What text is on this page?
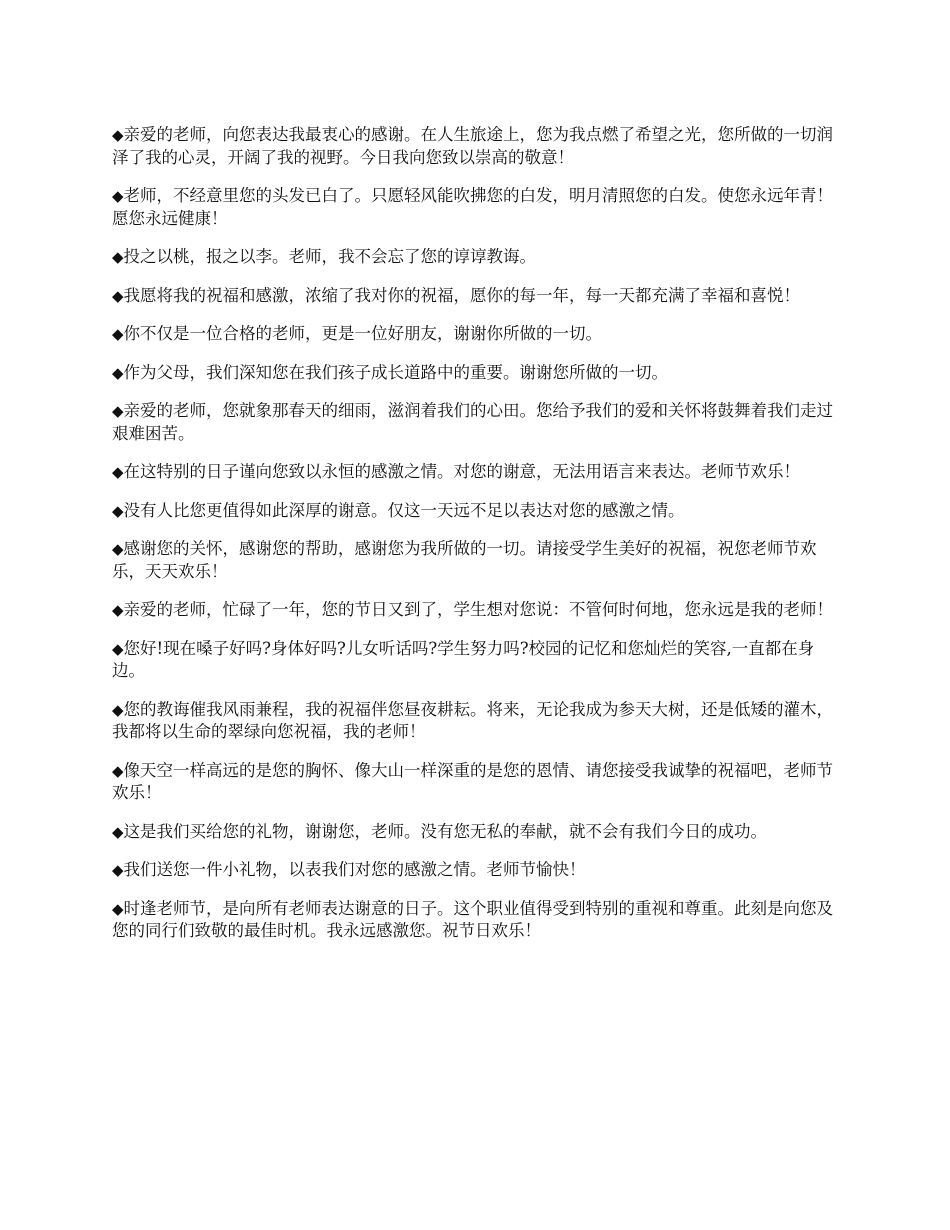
◆亲爱的老师，向您表达我最衷心的感谢。在人生旅途上，您为我点燃了希望之光，您所做的一切润泽了我的心灵，开阔了我的视野。今日我向您致以崇高的敬意！

◆老师，不经意里您的头发已白了。只愿轻风能吹拂您的白发，明月清照您的白发。使您永远年青！愿您永远健康！

◆投之以桃，报之以李。老师，我不会忘了您的谆谆教诲。

◆我愿将我的祝福和感激，浓缩了我对你的祝福，愿你的每一年，每一天都充满了幸福和喜悦！

◆你不仅是一位合格的老师，更是一位好朋友，谢谢你所做的一切。

◆作为父母，我们深知您在我们孩子成长道路中的重要。谢谢您所做的一切。

◆亲爱的老师，您就象那春天的细雨，滋润着我们的心田。您给予我们的爱和关怀将鼓舞着我们走过艰难困苦。

◆在这特别的日子谨向您致以永恒的感激之情。对您的谢意，无法用语言来表达。老师节欢乐！

◆没有人比您更值得如此深厚的谢意。仅这一天远不足以表达对您的感激之情。

◆感谢您的关怀，感谢您的帮助，感谢您为我所做的一切。请接受学生美好的祝福，祝您老师节欢乐，天天欢乐！

◆亲爱的老师，忙碌了一年，您的节日又到了，学生想对您说：不管何时何地，您永远是我的老师！

◆您好!现在嗓子好吗?身体好吗?儿女听话吗?学生努力吗?校园的记忆和您灿烂的笑容,一直都在身边。

◆您的教诲催我风雨兼程，我的祝福伴您昼夜耕耘。将来，无论我成为参天大树，还是低矮的灌木，我都将以生命的翠绿向您祝福，我的老师！

◆像天空一样高远的是您的胸怀、像大山一样深重的是您的恩情、请您接受我诚挚的祝福吧，老师节欢乐！

◆这是我们买给您的礼物，谢谢您，老师。没有您无私的奉献，就不会有我们今日的成功。

◆我们送您一件小礼物，以表我们对您的感激之情。老师节愉快！

◆时逢老师节，是向所有老师表达谢意的日子。这个职业值得受到特别的重视和尊重。此刻是向您及您的同行们致敬的最佳时机。我永远感激您。祝节日欢乐！
